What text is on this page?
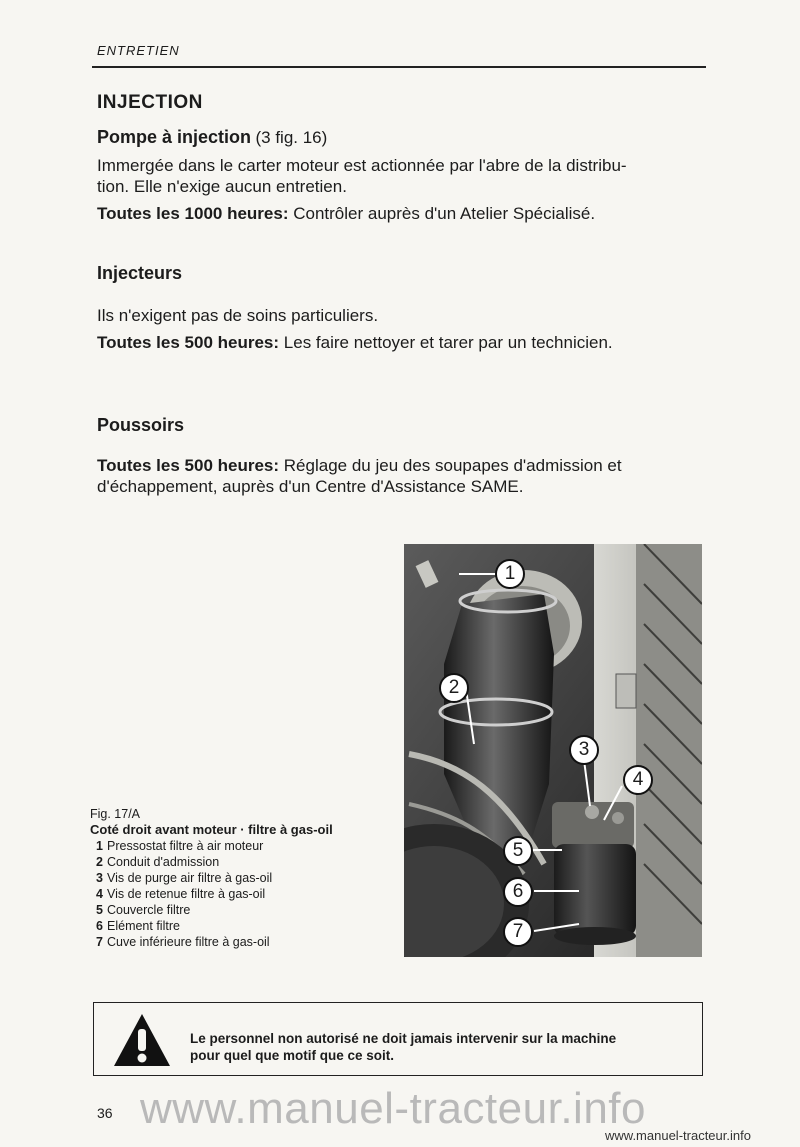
ENTRETIEN
INJECTION
Pompe à injection (3 fig. 16)
Immergée dans le carter moteur est actionnée par l'abre de la distribu-
tion. Elle n'exige aucun entretien.
Toutes les 1000 heures: Contrôler auprès d'un Atelier Spécialisé.
Injecteurs
Ils n'exigent pas de soins particuliers.
Toutes les 500 heures: Les faire nettoyer et tarer par un technicien.
Poussoirs
Toutes les 500 heures: Réglage du jeu des soupapes d'admission et
d'échappement, auprès d'un Centre d'Assistance SAME.
1
2
3
4
5
6
7
Fig. 17/A
Coté droit avant moteur · filtre à gas-oil
1 Pressostat filtre à air moteur
2 Conduit d'admission
3 Vis de purge air filtre à gas-oil
4 Vis de retenue filtre à gas-oil
5 Couvercle filtre
6 Elément filtre
7 Cuve inférieure filtre à gas-oil
Le personnel non autorisé ne doit jamais intervenir sur la machine
pour quel que motif que ce soit.
36 www.manuel-tracteur.info
www.manuel-tracteur.info
